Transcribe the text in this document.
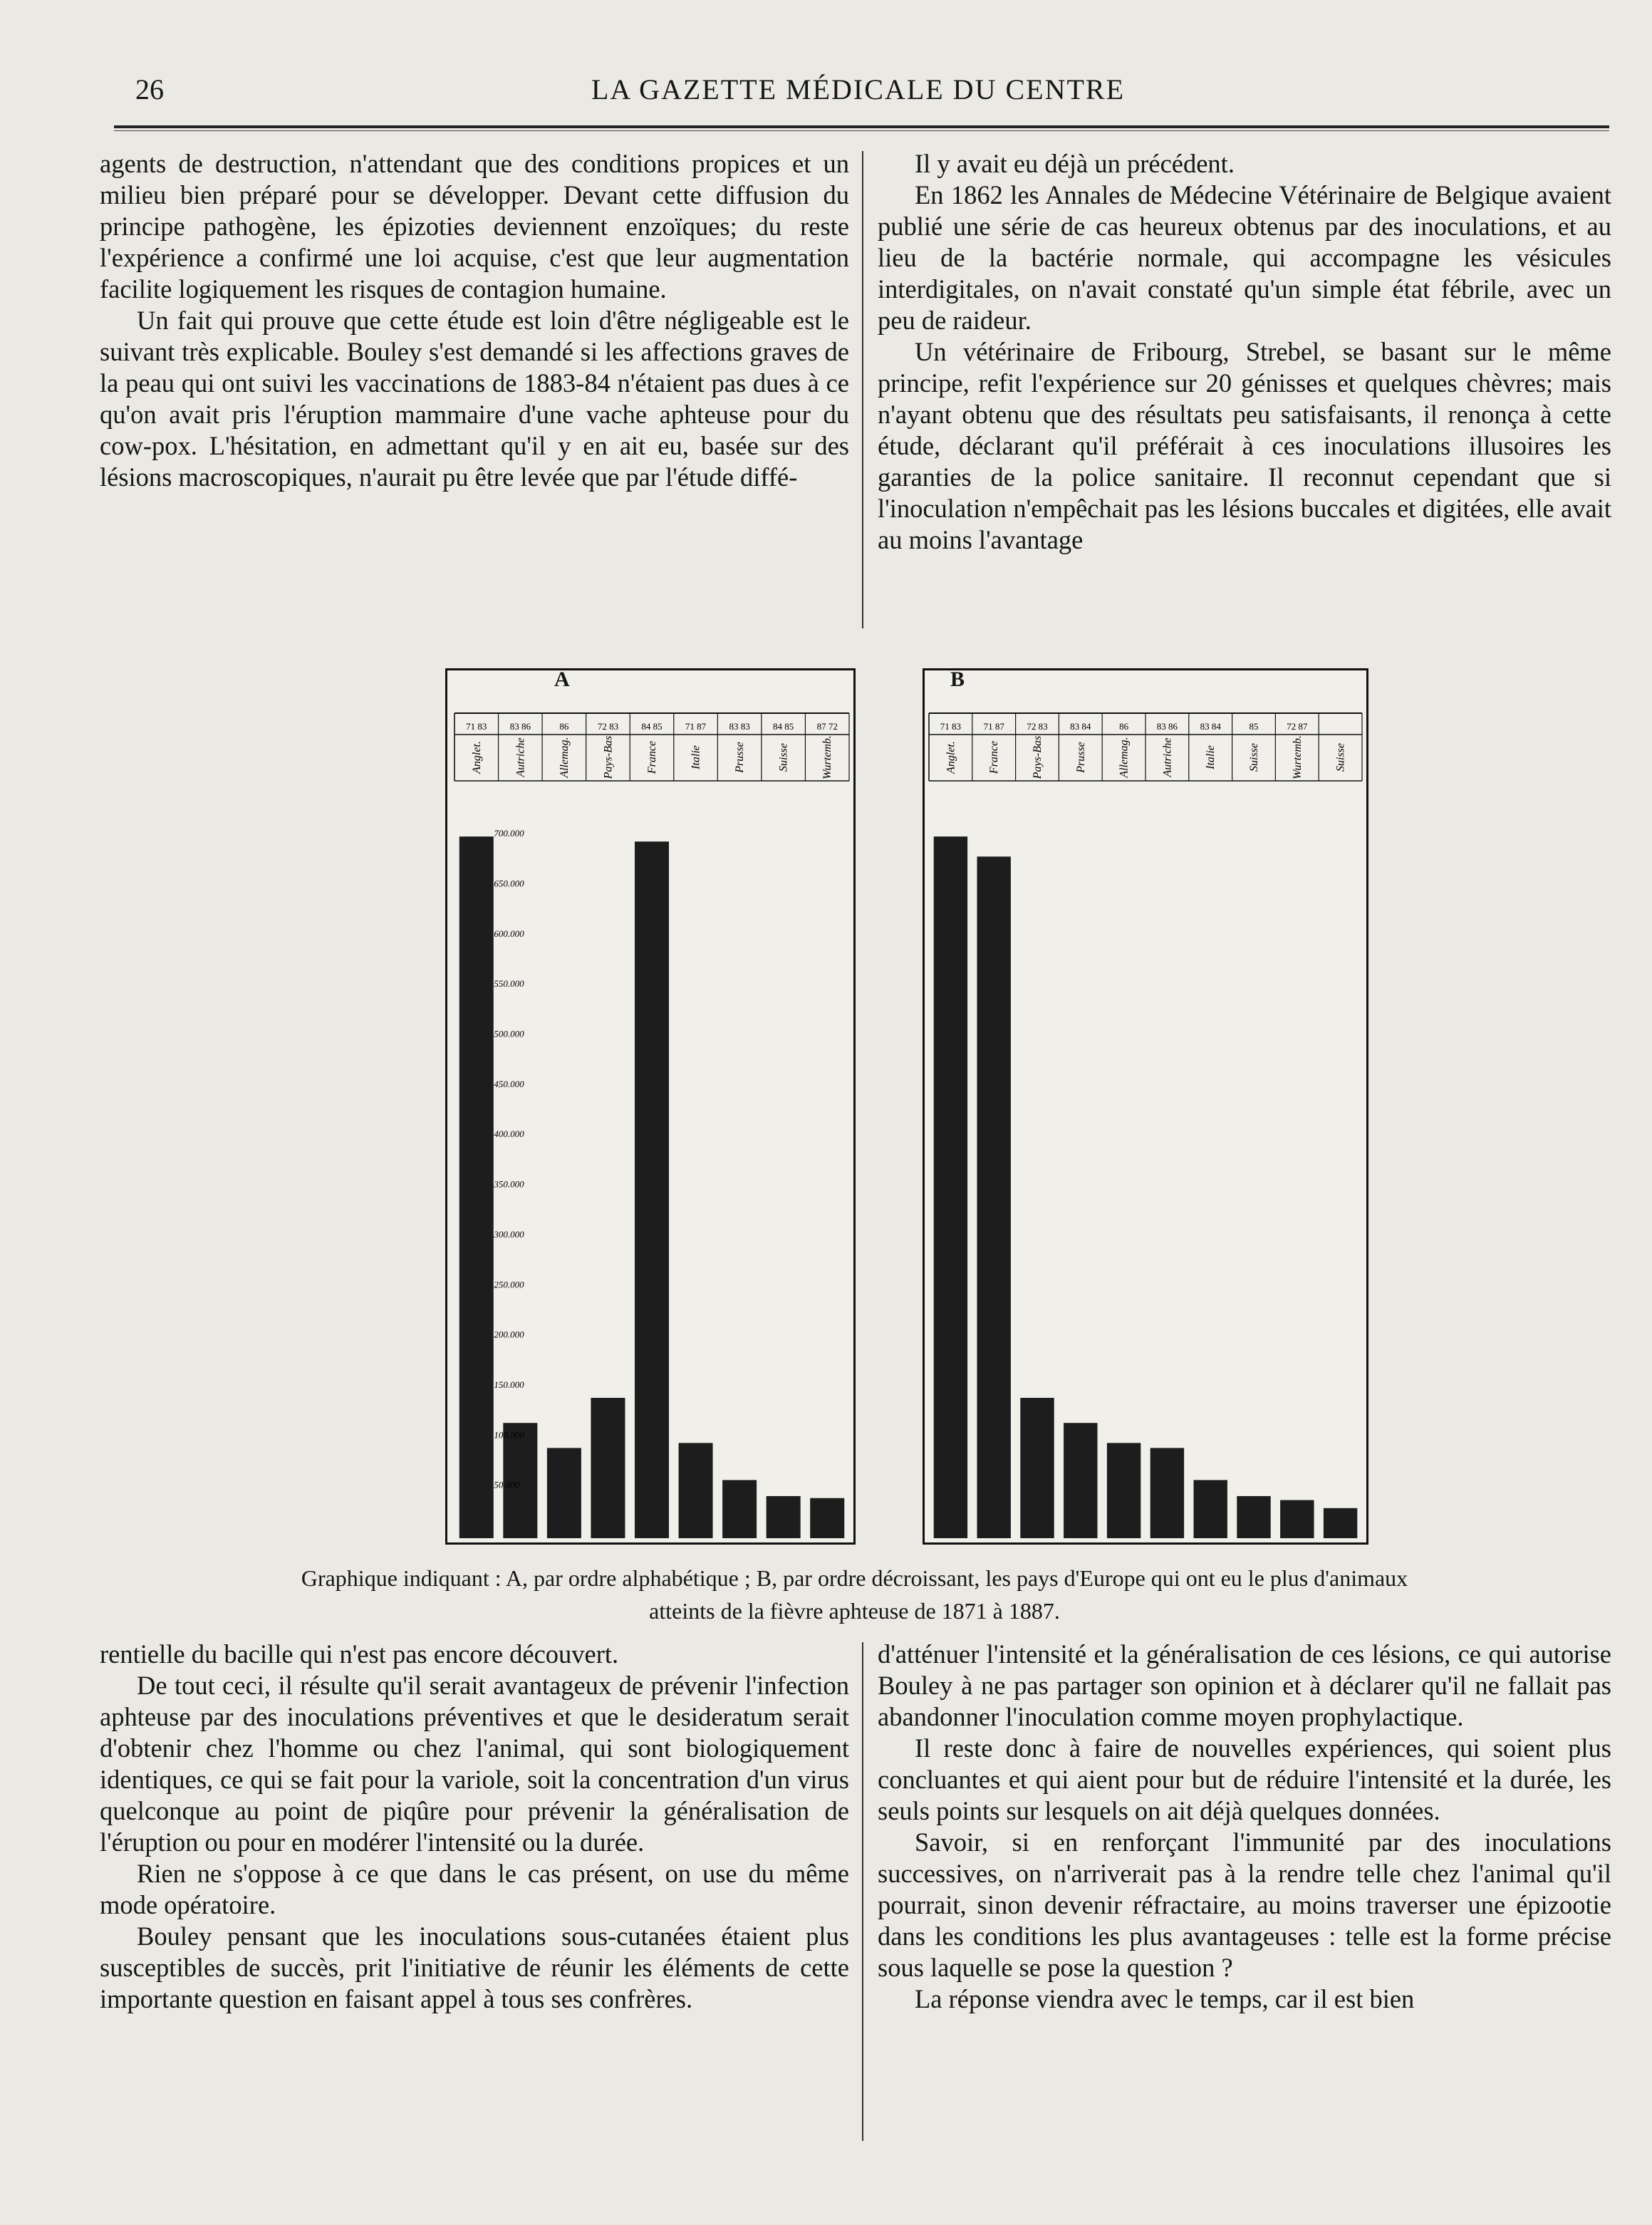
26	LA GAZETTE MÉDICALE DU CENTRE

agents de destruction, n'attendant que des conditions propices et un milieu bien préparé pour se développer. Devant cette diffusion du principe pathogène, les épizoties deviennent enzoïques; du reste l'expérience a confirmé une loi acquise, c'est que leur augmentation facilite logiquement les risques de contagion humaine.

Un fait qui prouve que cette étude est loin d'être négligeable est le suivant très explicable. Bouley s'est demandé si les affections graves de la peau qui ont suivi les vaccinations de 1883-84 n'étaient pas dues à ce qu'on avait pris l'éruption mammaire d'une vache aphteuse pour du cow-pox. L'hésitation, en admettant qu'il y en ait eu, basée sur des lésions macroscopiques, n'aurait pu être levée que par l'étude diffé-

Il y avait eu déjà un précédent.

En 1862 les Annales de Médecine Vétérinaire de Belgique avaient publié une série de cas heureux obtenus par des inoculations, et au lieu de la bactérie normale, qui accompagne les vésicules interdigitales, on n'avait constaté qu'un simple état fébrile, avec un peu de raideur.

Un vétérinaire de Fribourg, Strebel, se basant sur le même principe, refit l'expérience sur 20 génisses et quelques chèvres; mais n'ayant obtenu que des résultats peu satisfaisants, il renonça à cette étude, déclarant qu'il préférait à ces inoculations illusoires les garanties de la police sanitaire. Il reconnut cependant que si l'inoculation n'empêchait pas les lésions buccales et digitées, elle avait au moins l'avantage

A
71 83
Anglet.
83 86
Autriche
86
Allemag.
72 83
Pays-Bas
84 85
France
71 87
Italie
83 83
Prusse
84 85
Suisse
87 72
Wurtemb.
700.000
650.000
600.000
550.000
500.000
450.000
400.000
350.000
300.000
250.000
200.000
150.000
100.000
50.000
B
71 83
Anglet.
71 87
France
72 83
Pays-Bas
83 84
Prusse
86
Allemag.
83 86
Autriche
83 84
Italie
85
Suisse
72 87
Wurtemb.	Suisse
Graphique indiquant : A, par ordre alphabétique ; B, par ordre décroissant, les pays d'Europe qui ont eu le plus d'animaux
atteints de la fièvre aphteuse de 1871 à 1887.

rentielle du bacille qui n'est pas encore découvert.

De tout ceci, il résulte qu'il serait avantageux de prévenir l'infection aphteuse par des inoculations préventives et que le desideratum serait d'obtenir chez l'homme ou chez l'animal, qui sont biologiquement identiques, ce qui se fait pour la variole, soit la concentration d'un virus quelconque au point de piqûre pour prévenir la généralisation de l'éruption ou pour en modérer l'intensité ou la durée.

Rien ne s'oppose à ce que dans le cas présent, on use du même mode opératoire.

Bouley pensant que les inoculations sous-cutanées étaient plus susceptibles de succès, prit l'initiative de réunir les éléments de cette importante question en faisant appel à tous ses confrères.

d'atténuer l'intensité et la généralisation de ces lésions, ce qui autorise Bouley à ne pas partager son opinion et à déclarer qu'il ne fallait pas abandonner l'inoculation comme moyen prophylactique.

Il reste donc à faire de nouvelles expériences, qui soient plus concluantes et qui aient pour but de réduire l'intensité et la durée, les seuls points sur lesquels on ait déjà quelques données.

Savoir, si en renforçant l'immunité par des inoculations successives, on n'arriverait pas à la rendre telle chez l'animal qu'il pourrait, sinon devenir réfractaire, au moins traverser une épizootie dans les conditions les plus avantageuses : telle est la forme précise sous laquelle se pose la question ?

La réponse viendra avec le temps, car il est bien
